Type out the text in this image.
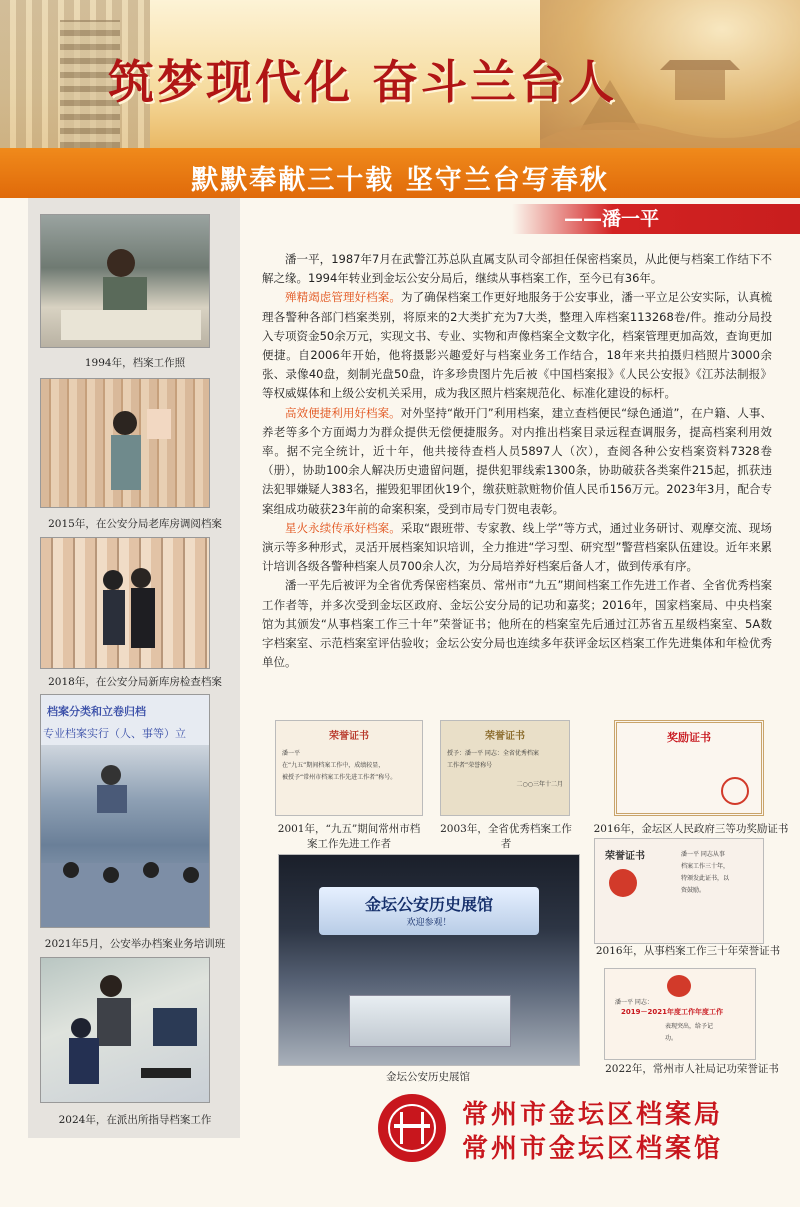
筑梦现代化 奋斗兰台人
默默奉献三十载 坚守兰台写春秋
——潘一平
1994年，档案工作照
2015年，在公安分局老库房调阅档案
2018年，在公安分局新库房检查档案
档案分类和立卷归档
专业档案实行（人、事等）立
2021年5月，公安举办档案业务培训班
2024年，在派出所指导档案工作

潘一平，1987年7月在武警江苏总队直属支队司令部担任保密档案员，从此便与档案工作结下不解之缘。1994年转业到金坛公安分局后，继续从事档案工作，至今已有36年。

殚精竭虑管理好档案。为了确保档案工作更好地服务于公安事业，潘一平立足公安实际，认真梳理各警种各部门档案类别，将原来的2大类扩充为7大类，整理入库档案113268卷/件。推动分局投入专项资金50余万元，实现文书、专业、实物和声像档案全文数字化，档案管理更加高效，查询更加便捷。自2006年开始，他将摄影兴趣爱好与档案业务工作结合，18年来共拍摄归档照片3000余张、录像40盘，刻制光盘50盘，许多珍贵图片先后被《中国档案报》《人民公安报》《江苏法制报》等权威媒体和上级公安机关采用，成为我区照片档案规范化、标准化建设的标杆。

高效便捷利用好档案。对外坚持“敞开门”利用档案，建立查档便民“绿色通道”，在户籍、人事、养老等多个方面竭力为群众提供无偿便捷服务。对内推出档案目录远程查调服务，提高档案利用效率。据不完全统计，近十年，他共接待查档人员5897人（次），查阅各种公安档案资料7328卷（册），协助100余人解决历史遗留问题，提供犯罪线索1300条，协助破获各类案件215起，抓获违法犯罪嫌疑人383名，摧毁犯罪团伙19个，缴获赃款赃物价值人民币156万元。2023年3月，配合专案组成功破获23年前的命案积案，受到市局专门贺电表彰。

星火永续传承好档案。采取“跟班带、专家教、线上学”等方式，通过业务研讨、观摩交流、现场演示等多种形式，灵活开展档案知识培训，全力推进“学习型、研究型”警营档案队伍建设。近年来累计培训各级各警种档案人员700余人次，为分局培养好档案后备人才，做到传承有序。

潘一平先后被评为全省优秀保密档案员、常州市“九五”期间档案工作先进工作者、全省优秀档案工作者等，并多次受到金坛区政府、金坛公安分局的记功和嘉奖；2016年，国家档案局、中央档案馆为其颁发“从事档案工作三十年”荣誉证书；他所在的档案室先后通过江苏省五星级档案室、5A数字档案室、示范档案室评估验收；金坛公安分局也连续多年获评金坛区档案工作先进集体和年检优秀单位。

荣誉证书
潘一平
在“九五”期间档案工作中，成绩较显，
被授予“常州市档案工作先进工作者”称号。
2001年，“九五”期间常州市档案工作先进工作者
荣誉证书
授予：潘一平 同志：全省优秀档案
工作者”荣誉称号
二○○三年十二月
2003年，全省优秀档案工作者
奖励证书
2016年，金坛区人民政府三等功奖励证书
金坛公安历史展馆
欢迎参观！
金坛公安历史展馆
荣誉证书	潘一平 同志从事
档案工作三十年，
特颁发此证书，以
资鼓励。
2016年，从事档案工作三十年荣誉证书
2019－2021年度工作年度工作
潘一平 同志：
表现突出，给予记
功。
2022年，常州市人社局记功荣誉证书
常州市金坛区档案局
常州市金坛区档案馆
